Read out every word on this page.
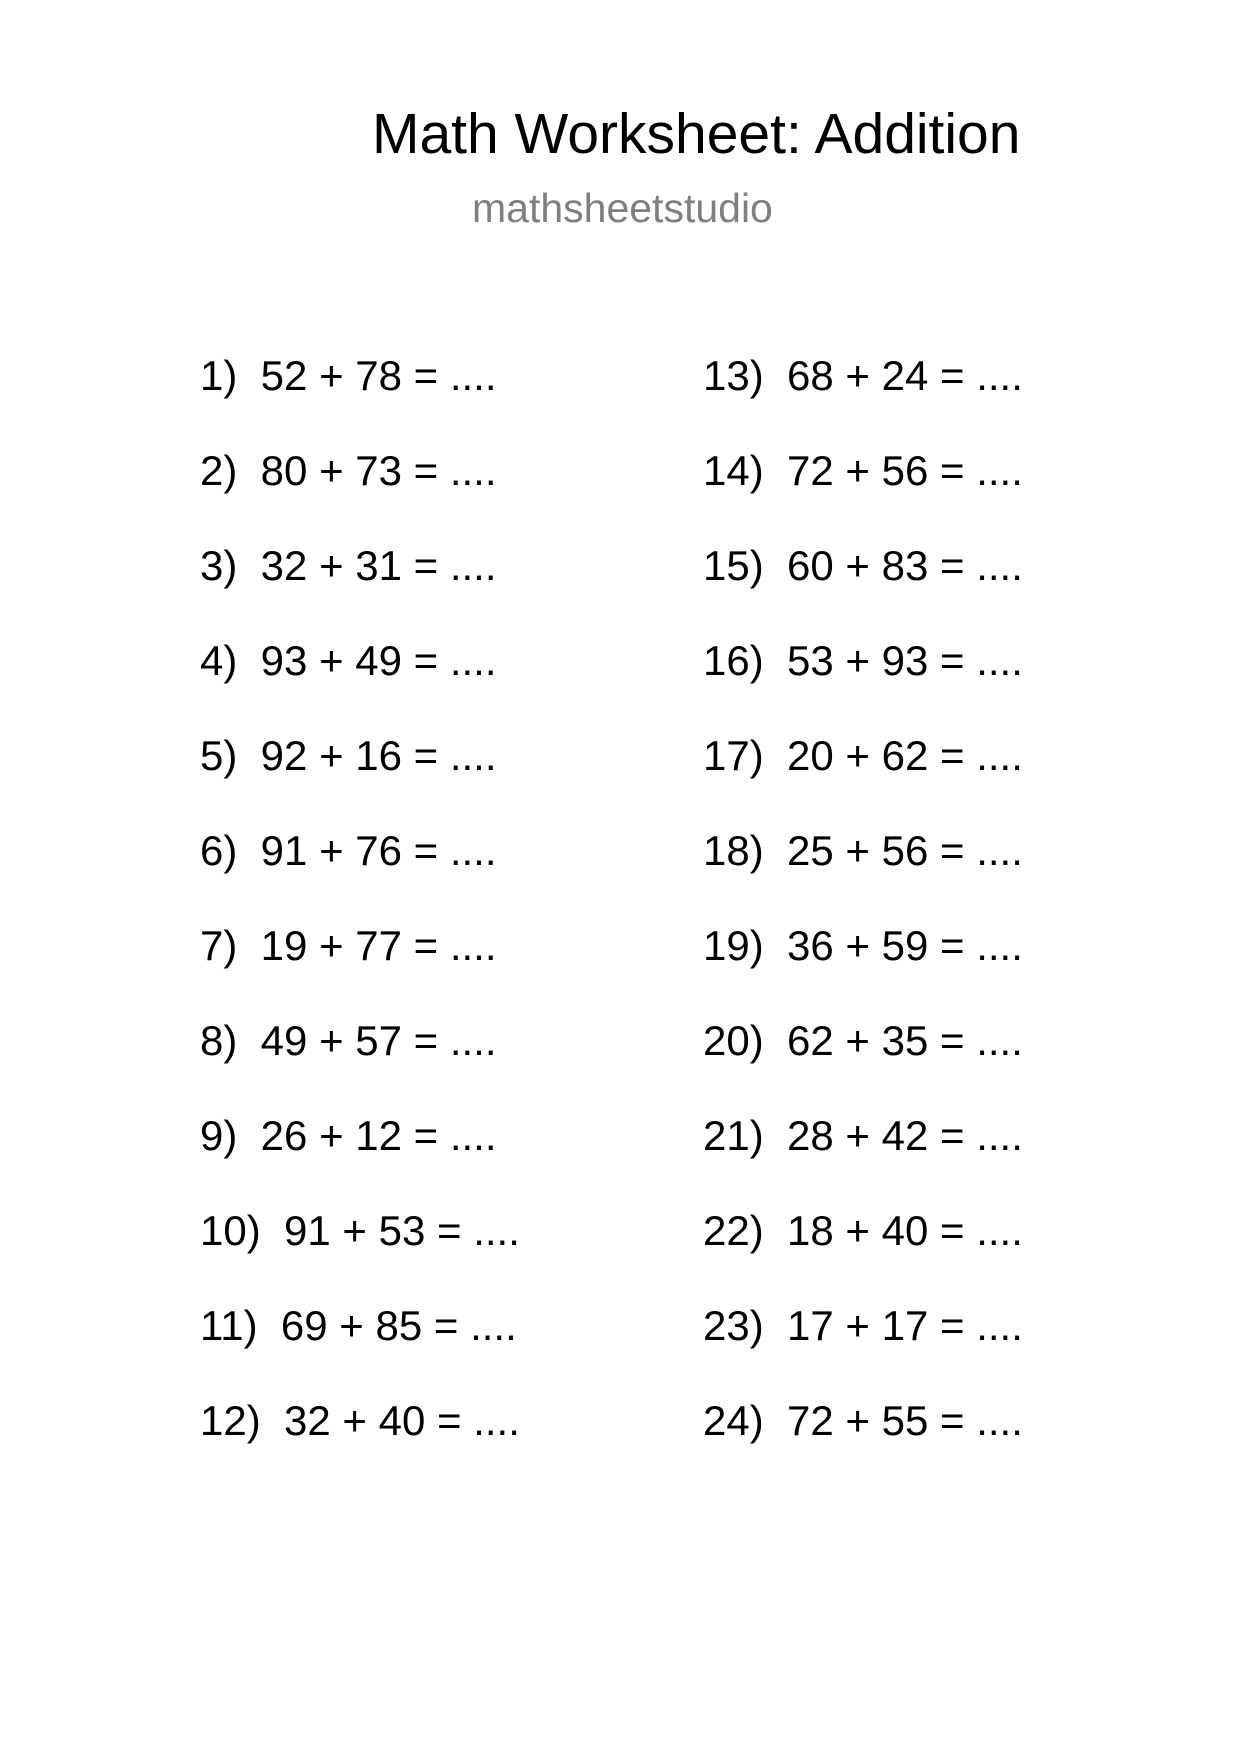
Math Worksheet: Addition
mathsheetstudio
1)  52 + 78 = ....
2)  80 + 73 = ....
3)  32 + 31 = ....
4)  93 + 49 = ....
5)  92 + 16 = ....
6)  91 + 76 = ....
7)  19 + 77 = ....
8)  49 + 57 = ....
9)  26 + 12 = ....
10)  91 + 53 = ....
11)  69 + 85 = ....
12)  32 + 40 = ....
13)  68 + 24 = ....
14)  72 + 56 = ....
15)  60 + 83 = ....
16)  53 + 93 = ....
17)  20 + 62 = ....
18)  25 + 56 = ....
19)  36 + 59 = ....
20)  62 + 35 = ....
21)  28 + 42 = ....
22)  18 + 40 = ....
23)  17 + 17 = ....
24)  72 + 55 = ....
